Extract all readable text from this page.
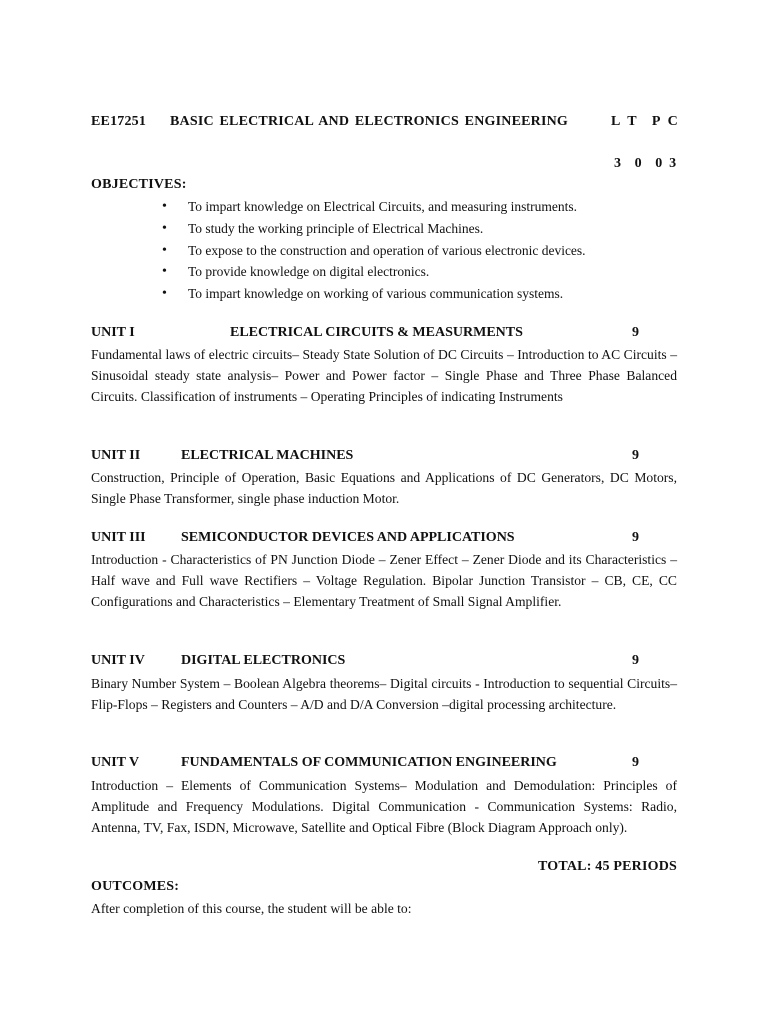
EE17251 BASIC ELECTRICAL AND ELECTRONICS ENGINEERING	L T  P C
3  0  0 3
OBJECTIVES:
• To impart knowledge on Electrical Circuits, and measuring instruments.
• To study the working principle of Electrical Machines.
• To expose to the construction and operation of various electronic devices.
• To provide knowledge on digital electronics.
• To impart knowledge on working of various communication systems.
UNIT I	ELECTRICAL CIRCUITS & MEASURMENTS	9
Fundamental laws of electric circuits– Steady State Solution of DC Circuits – Introduction to AC Circuits –Sinusoidal steady state analysis– Power and Power factor – Single Phase and Three Phase Balanced Circuits. Classification of instruments – Operating Principles of indicating Instruments
UNIT II	ELECTRICAL MACHINES	9
Construction, Principle of Operation, Basic Equations and Applications of DC Generators, DC Motors, Single Phase Transformer, single phase induction Motor.
UNIT III	SEMICONDUCTOR DEVICES AND APPLICATIONS	9
Introduction - Characteristics of PN Junction Diode – Zener Effect – Zener Diode and its Characteristics – Half wave and Full wave Rectifiers – Voltage Regulation. Bipolar Junction Transistor – CB, CE, CC Configurations and Characteristics – Elementary Treatment of Small Signal Amplifier.
UNIT IV	DIGITAL ELECTRONICS	9
Binary Number System – Boolean Algebra theorems– Digital circuits - Introduction to sequential Circuits– Flip-Flops – Registers and Counters – A/D and D/A Conversion –digital processing architecture.
UNIT V	FUNDAMENTALS OF COMMUNICATION ENGINEERING	9
Introduction – Elements of Communication Systems– Modulation and Demodulation: Principles of Amplitude and Frequency Modulations. Digital Communication - Communication Systems: Radio, Antenna, TV, Fax, ISDN, Microwave, Satellite and Optical Fibre (Block Diagram Approach only).
TOTAL: 45 PERIODS
OUTCOMES:
After completion of this course, the student will be able to:
